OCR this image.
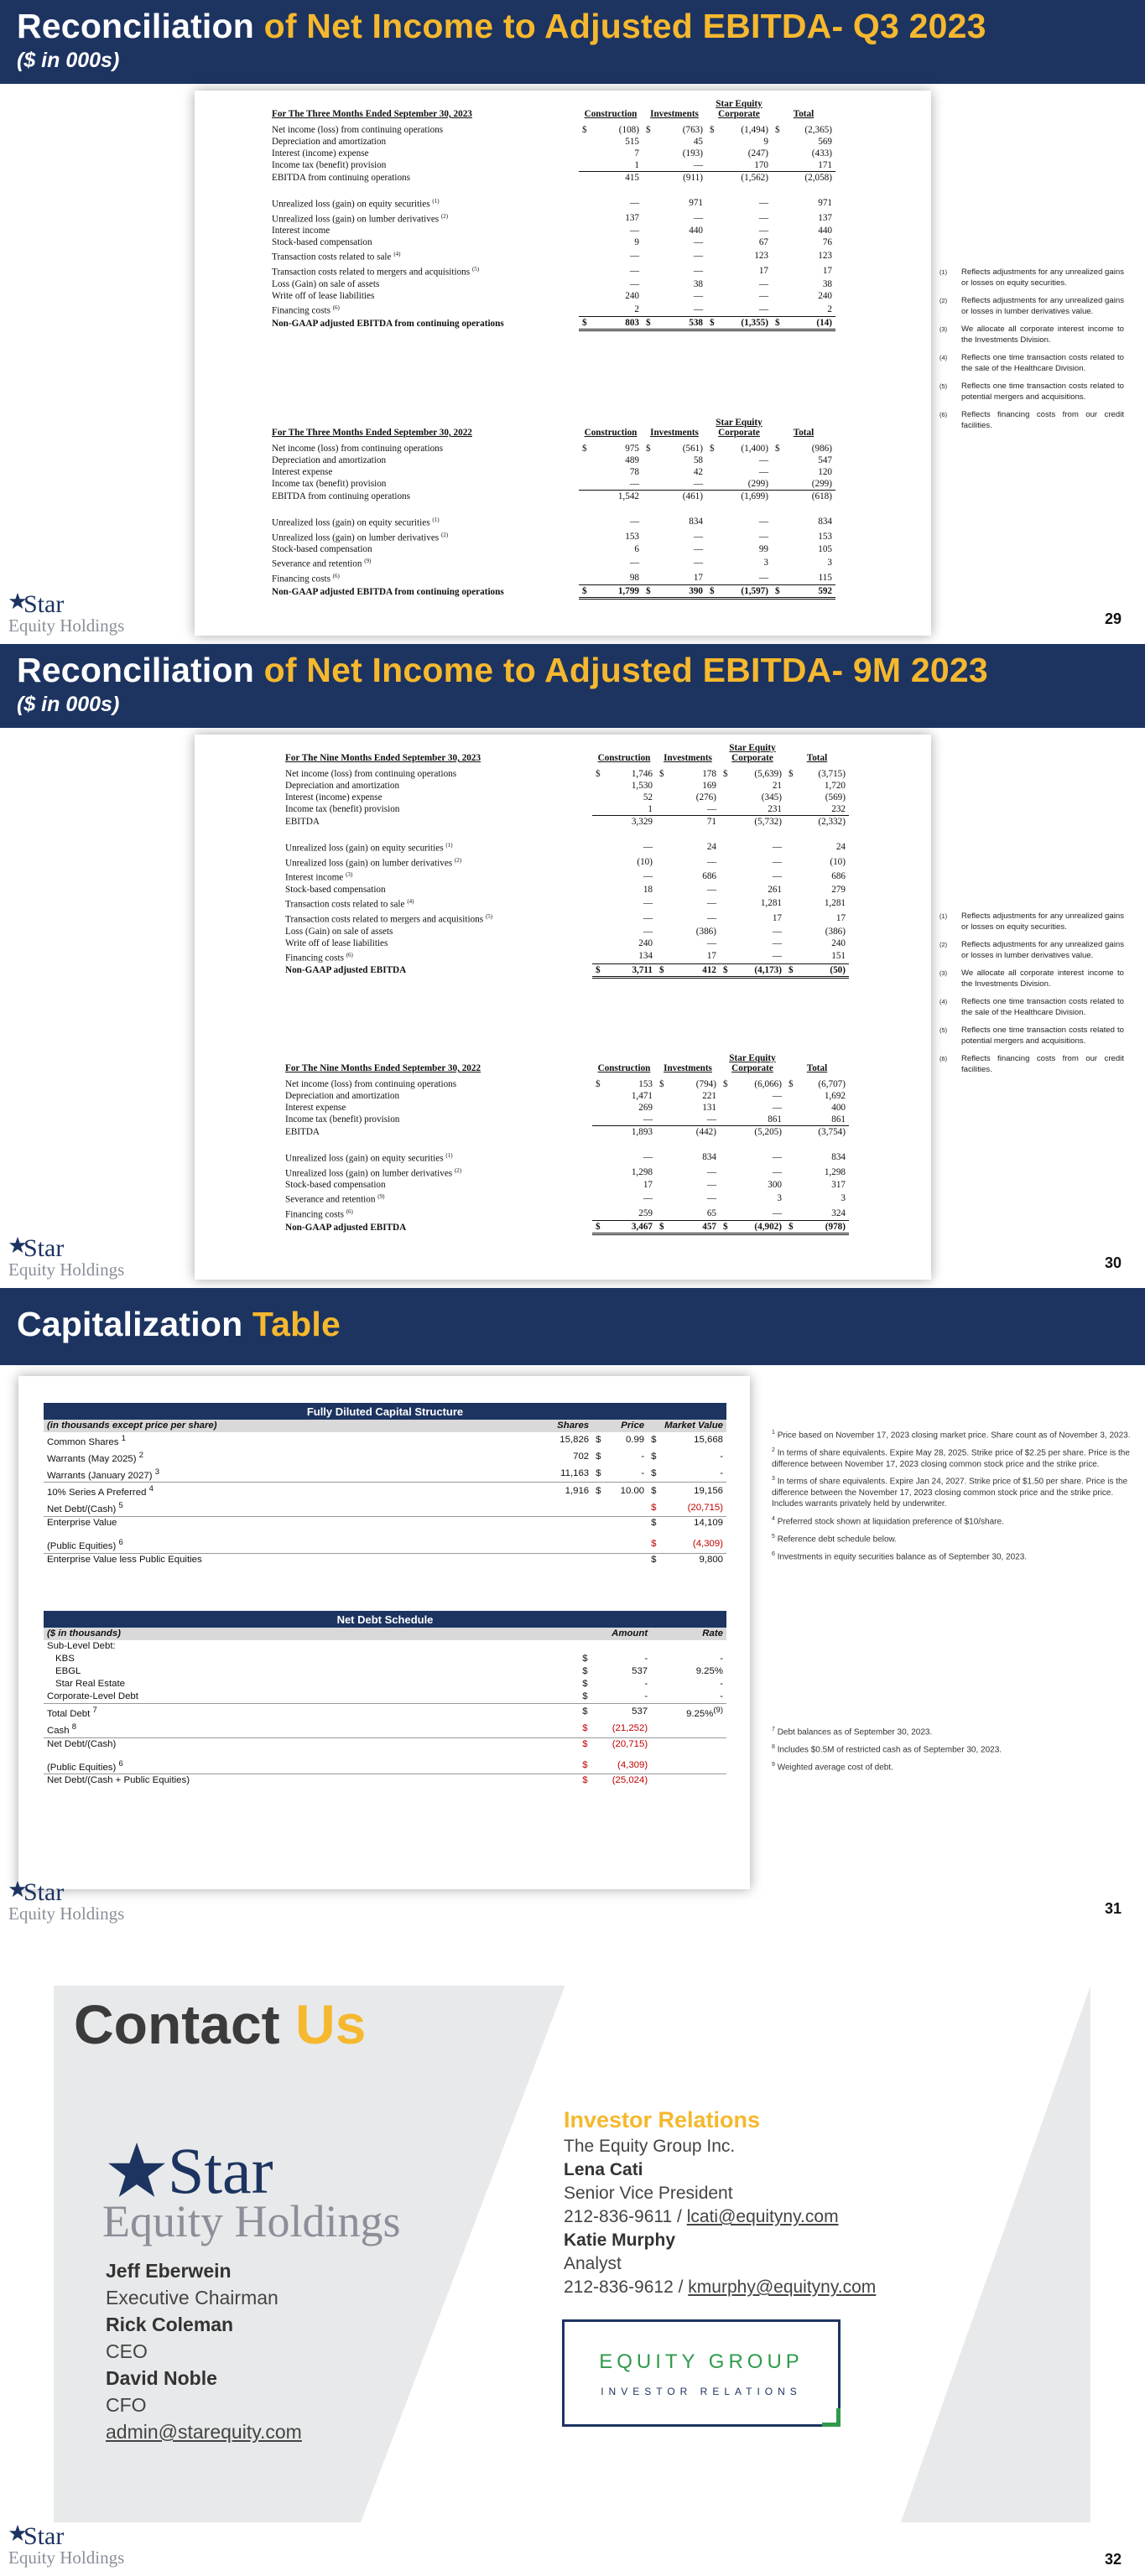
Reconciliation of Net Income to Adjusted EBITDA- Q3 2023
($ in 000s)
For The Three Months Ended September 30, 2023	Construction		Investments		Star Equity Corporate		Total	

Net income (loss) from continuing operations	$	(108)	$	(763)	$	(1,494)	$	(2,365)
Depreciation and amortization		515		45		9		569
Interest (income) expense		7		(193)		(247)		(433)
Income tax (benefit) provision		1		—		170		171
EBITDA from continuing operations		415		(911)		(1,562)		(2,058)

Unrealized loss (gain) on equity securities $^{(1)}$		—		971		—		971
Unrealized loss (gain) on lumber derivatives $^{(2)}$		137		—		—		137
Interest income		—		440		—		440
Stock-based compensation		9		—		67		76
Transaction costs related to sale $^{(4)}$		—		—		123		123
Transaction costs related to mergers and acquisitions $^{(5)}$		—		—		17		17
Loss (Gain) on sale of assets		—		38		—		38
Write off of lease liabilities		240		—		—		240
Financing costs $^{(6)}$		2		—		—		2
Non-GAAP adjusted EBITDA from continuing operations	$	803	$	538	$	(1,355)	$	(14)
For The Three Months Ended September 30, 2022	Construction		Investments		Star Equity Corporate		Total	

Net income (loss) from continuing operations	$	975	$	(561)	$	(1,400)	$	(986)
Depreciation and amortization		489		58		—		547
Interest expense		78		42		—		120
Income tax (benefit) provision		—		—		(299)		(299)
EBITDA from continuing operations		1,542		(461)		(1,699)		(618)

Unrealized loss (gain) on equity securities $^{(1)}$		—		834		—		834
Unrealized loss (gain) on lumber derivatives $^{(2)}$		153		—		—		153
Stock-based compensation		6		—		99		105
Severance and retention $^{(9)}$		—		—		3		3
Financing costs $^{(6)}$		98		17		—		115
Non-GAAP adjusted EBITDA from continuing operations	$	1,799	$	390	$	(1,597)	$	592
(1) Reflects adjustments for any unrealized gains or losses on equity securities.
(2) Reflects adjustments for any unrealized gains or losses in lumber derivatives value.
(3) We allocate all corporate interest income to the Investments Division.
(4) Reflects one time transaction costs related to the sale of the Healthcare Division.
(5) Reflects one time transaction costs related to potential mergers and acquisitions.
(6) Reflects financing costs from our credit facilities.
Star
Equity Holdings	29
Reconciliation of Net Income to Adjusted EBITDA- 9M 2023
($ in 000s)
For The Nine Months Ended September 30, 2023	Construction		Investments		Star Equity Corporate		Total	

Net income (loss) from continuing operations	$	1,746	$	178	$	(5,639)	$	(3,715)
Depreciation and amortization		1,530		169		21		1,720
Interest (income) expense		52		(276)		(345)		(569)
Income tax (benefit) provision		1		—		231		232
EBITDA		3,329		71		(5,732)		(2,332)

Unrealized loss (gain) on equity securities $^{(1)}$		—		24		—		24
Unrealized loss (gain) on lumber derivatives $^{(2)}$		(10)		—		—		(10)
Interest income $^{(3)}$		—		686		—		686
Stock-based compensation		18		—		261		279
Transaction costs related to sale $^{(4)}$		—		—		1,281		1,281
Transaction costs related to mergers and acquisitions $^{(5)}$		—		—		17		17
Loss (Gain) on sale of assets		—		(386)		—		(386)
Write off of lease liabilities		240		—		—		240
Financing costs $^{(6)}$		134		17		—		151
Non-GAAP adjusted EBITDA	$	3,711	$	412	$	(4,173)	$	(50)
For The Nine Months Ended September 30, 2022	Construction		Investments		Star Equity Corporate		Total	

Net income (loss) from continuing operations	$	153	$	(794)	$	(6,066)	$	(6,707)
Depreciation and amortization		1,471		221		—		1,692
Interest expense		269		131		—		400
Income tax (benefit) provision		—		—		861		861
EBITDA		1,893		(442)		(5,205)		(3,754)

Unrealized loss (gain) on equity securities $^{(1)}$		—		834		—		834
Unrealized loss (gain) on lumber derivatives $^{(2)}$		1,298		—		—		1,298
Stock-based compensation		17		—		300		317
Severance and retention $^{(9)}$		—		—		3		3
Financing costs $^{(6)}$		259		65		—		324
Non-GAAP adjusted EBITDA	$	3,467	$	457	$	(4,902)	$	(978)
(1) Reflects adjustments for any unrealized gains or losses on equity securities.
(2) Reflects adjustments for any unrealized gains or losses in lumber derivatives value.
(3) We allocate all corporate interest income to the Investments Division.
(4) Reflects one time transaction costs related to the sale of the Healthcare Division.
(5) Reflects one time transaction costs related to potential mergers and acquisitions.
(6) Reflects financing costs from our credit facilities.
Star
Equity Holdings	30
Capitalization Table
Fully Diluted Capital Structure					
(in thousands except price per share)	Shares		Price		Market Value
Common Shares $^1$	15,826	$	0.99	$	15,668
Warrants (May 2025) $^2$	702	$	-	$	-
Warrants (January 2027) $^3$	11,163	$	-	$	-
10% Series A Preferred $^4$	1,916	$	10.00	$	19,156
Net Debt/(Cash) $^5$				$	(20,715)
Enterprise Value				$	14,109

(Public Equities) $^6$				$	(4,309)
Enterprise Value less Public Equities				$	9,800
Net Debt Schedule			
($ in thousands)		Amount	Rate
Sub-Level Debt:			
KBS	$	-	-
EBGL	$	537	9.25%
Star Real Estate	$	-	-
Corporate-Level Debt	$	-	-
Total Debt $^7$	$	537	9.25%$^{(9)}$
Cash $^8$	$	(21,252)	
Net Debt/(Cash)	$	(20,715)	

(Public Equities) $^6$	$	(4,309)	
Net Debt/(Cash + Public Equities)	$	(25,024)	

$^1$ Price based on November 17, 2023 closing market price. Share count as of November 3, 2023.

$^2$ In terms of share equivalents. Expire May 28, 2025. Strike price of $2.25 per share. Price is the difference between November 17, 2023 closing common stock price and the strike price.

$^3$ In terms of share equivalents. Expire Jan 24, 2027. Strike price of $1.50 per share. Price is the difference between the November 17, 2023 closing common stock price and the strike price. Includes warrants privately held by underwriter.

$^4$ Preferred stock shown at liquidation preference of $10/share.

$^5$ Reference debt schedule below.

$^6$ Investments in equity securities balance as of September 30, 2023.

$^7$ Debt balances as of September 30, 2023.

$^8$ Includes $0.5M of restricted cash as of September 30, 2023.

$^9$ Weighted average cost of debt.

Star
Equity Holdings	31
Contact Us
Star
Equity Holdings
Jeff Eberwein
Executive Chairman
Rick Coleman
CEO
David Noble
CFO
admin@starequity.com
Investor Relations
The Equity Group Inc.
Lena Cati
Senior Vice President
212-836-9611 / lcati@equityny.com
Katie Murphy
Analyst
212-836-9612 / kmurphy@equityny.com
EQUITY GROUP
INVESTOR RELATIONS
Star
Equity Holdings	32
